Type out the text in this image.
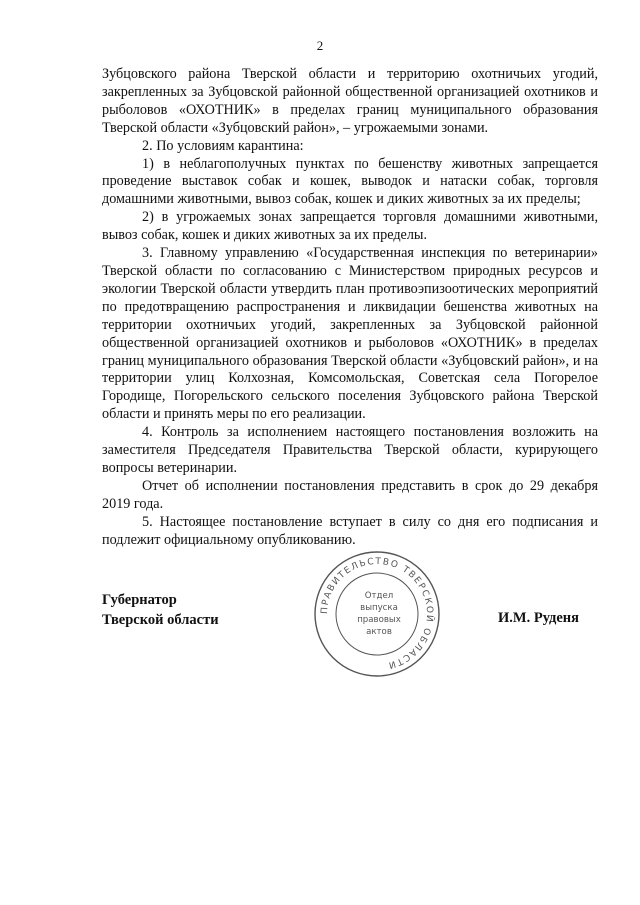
2

Зубцовского района Тверской области и территорию охотничьих угодий, закрепленных за Зубцовской районной общественной организацией охотников и рыболовов «ОХОТНИК» в пределах границ муниципального образования Тверской области «Зубцовский район», – угрожаемыми зонами.

2. По условиям карантина:

1) в неблагополучных пунктах по бешенству животных запрещается проведение выставок собак и кошек, выводок и натаски собак, торговля домашними животными, вывоз собак, кошек и диких животных за их пределы;

2) в угрожаемых зонах запрещается торговля домашними животными, вывоз собак, кошек и диких животных за их пределы.

3. Главному управлению «Государственная инспекция по ветеринарии» Тверской области по согласованию с Министерством природных ресурсов и экологии Тверской области утвердить план противоэпизоотических мероприятий по предотвращению распространения и ликвидации бешенства животных на территории охотничьих угодий, закрепленных за Зубцовской районной общественной организацией охотников и рыболовов «ОХОТНИК» в пределах границ муниципального образования Тверской области «Зубцовский район», и на территории улиц Колхозная, Комсомольская, Советская села Погорелое Городище, Погорельского сельского поселения Зубцовского района Тверской области и принять меры по его реализации.

4. Контроль за исполнением настоящего постановления возложить на заместителя Председателя Правительства Тверской области, курирующего вопросы ветеринарии.

Отчет об исполнении постановления представить в срок до 29 декабря 2019 года.

5. Настоящее постановление вступает в силу со дня его подписания и подлежит официальному опубликованию.

Губернатор
Тверской области	И.М. Руденя
ПРАВИТЕЛЬСТВО ТВЕРСКОЙ ОБЛАСТИ
Отдел
выпуска
правовых
актов
